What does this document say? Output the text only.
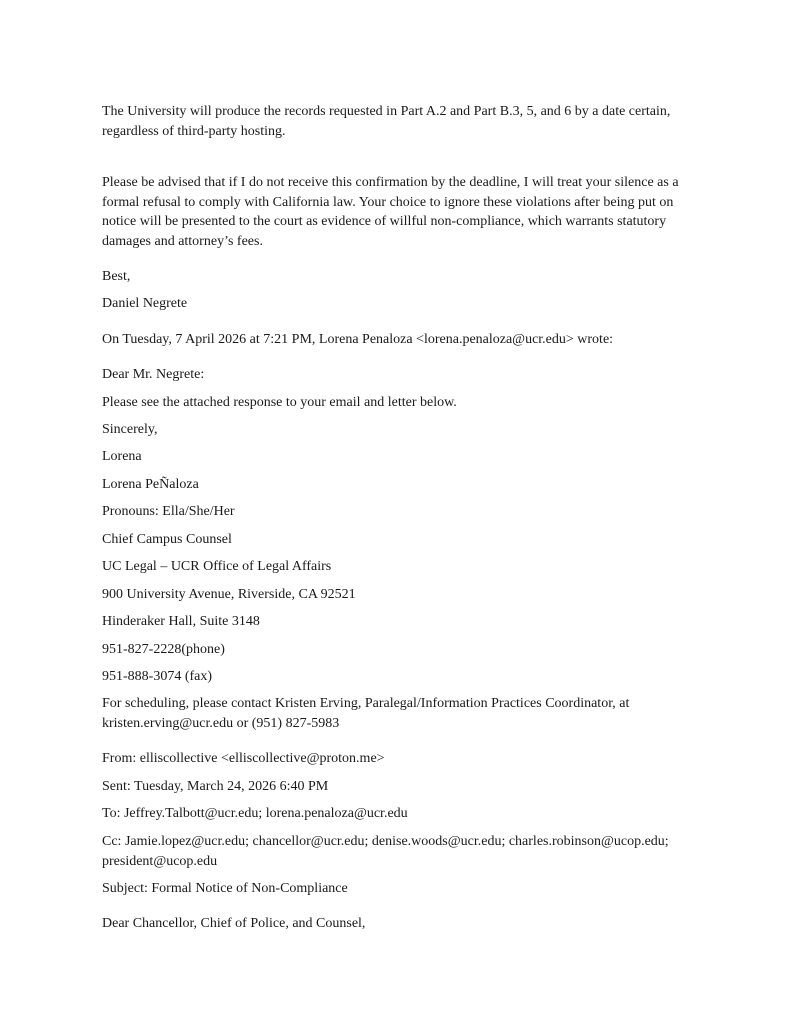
The University will produce the records requested in Part A.2 and Part B.3, 5, and 6 by a date certain, regardless of third-party hosting.

Please be advised that if I do not receive this confirmation by the deadline, I will treat your silence as a formal refusal to comply with California law. Your choice to ignore these violations after being put on notice will be presented to the court as evidence of willful non-compliance, which warrants statutory damages and attorney’s fees.

Best,

Daniel Negrete

On Tuesday, 7 April 2026 at 7:21 PM, Lorena Penaloza <lorena.penaloza@ucr.edu> wrote:

Dear Mr. Negrete:

Please see the attached response to your email and letter below.

Sincerely,

Lorena

Lorena PeÑaloza

Pronouns: Ella/She/Her

Chief Campus Counsel

UC Legal – UCR Office of Legal Affairs

900 University Avenue, Riverside, CA 92521

Hinderaker Hall, Suite 3148

951-827-2228(phone)

951-888-3074 (fax)

For scheduling, please contact Kristen Erving, Paralegal/Information Practices Coordinator, at kristen.erving@ucr.edu or (951) 827-5983

From: elliscollective <elliscollective@proton.me>

Sent: Tuesday, March 24, 2026 6:40 PM

To: Jeffrey.Talbott@ucr.edu; lorena.penaloza@ucr.edu

Cc: Jamie.lopez@ucr.edu; chancellor@ucr.edu; denise.woods@ucr.edu; charles.robinson@ucop.edu; president@ucop.edu

Subject: Formal Notice of Non-Compliance

Dear Chancellor, Chief of Police, and Counsel,
